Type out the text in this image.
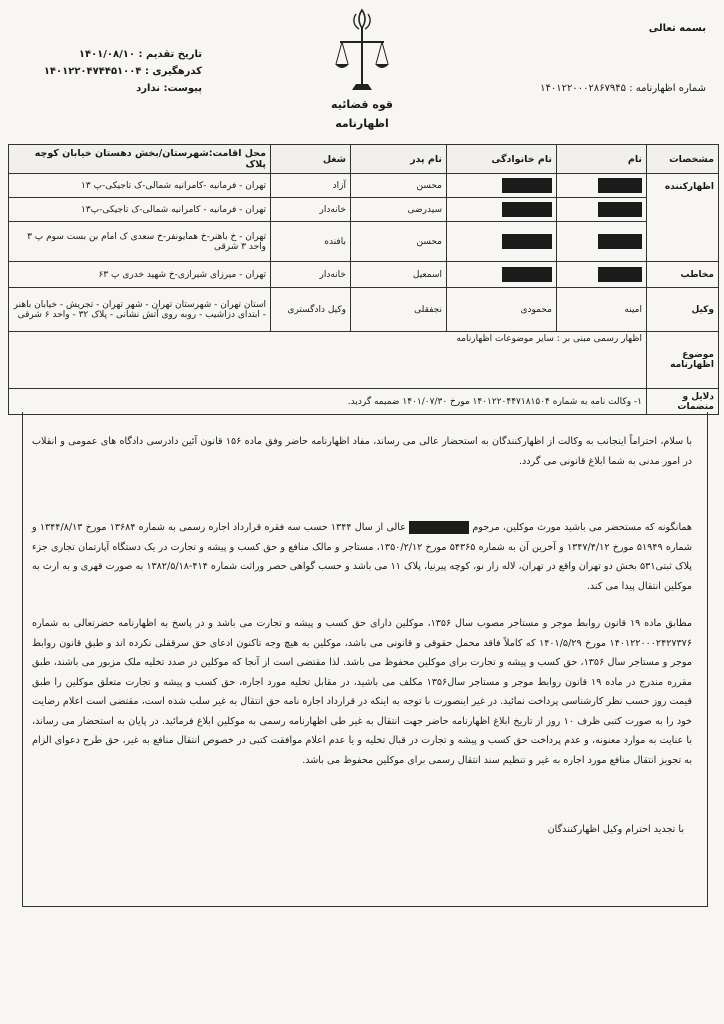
بسمه تعالی
شماره اظهارنامه : ۱۴۰۱۲۲۰۰۰۲۸۶۷۹۴۵
قوه قضائیه
اظهارنامه
تاریخ تقدیم : ۱۴۰۱/۰۸/۱۰
کدرهگیری : ۱۴۰۱۲۲۰۴۷۴۴۵۱۰۰۴
پیوست: ندارد
مشخصات	نام	نام خانوادگی	نام پدر	شغل	محل اقامت:شهرستان/بخش دهستان خیابان کوچه پلاک
اظهارکننده			محسن	آزاد	تهران - فرمانیه -کامرانیه شمالی-ک تاجیکی-پ ۱۳
			سیدرضی	خانه‌دار	تهران - فرمانیه - کامرانیه شمالی-ک تاجیکی-پ۱۳
			محسن	بافنده	تهران - خ باهنر-خ همایونفر-خ سعدی ک امام بن بست سوم پ ۳ واحد ۳ شرقی
مخاطب			اسمعیل	خانه‌دار	تهران - میرزای شیرازی-خ شهید خدری پ ۶۳
وکیل	امینه	محمودی	نجفقلی	وکیل دادگستری	استان تهران - شهرستان تهران - شهر تهران - تجریش - خیابان باهنر - ابتدای دزاشیب - روبه روی آتش نشانی - پلاک ۳۲ - واحد ۶ شرقی
موضوع اظهارنامه	اظهار رسمی مبنی بر : سایر موضوعات اظهارنامه				
دلایل و منضمات	۱- وکالت نامه به شماره ۱۴۰۱۲۲۰۴۴۷۱۸۱۵۰۴ مورخ ۱۴۰۱/۰۷/۳۰ ضمیمه گردید.				
با سلام، احتراماً اینجانب به وکالت از اظهارکنندگان به استحضار عالی می رساند، مفاد اظهارنامه حاضر وفق ماده ۱۵۶ قانون آئین دادرسی دادگاه های عمومی و انقلاب در امور مدنی به شما ابلاغ قانونی می گردد.
همانگونه که مستحضر می باشید مورث موکلین، مرحوم  عالی از سال ۱۳۴۴ حسب سه فقره قرارداد اجاره رسمی به شماره ۱۳۶۸۴ مورخ ۱۳۴۴/۸/۱۳ و شماره ۵۱۹۴۹ مورخ ۱۳۴۷/۴/۱۲ و آخرین آن به شماره ۵۴۳۶۵ مورخ ۱۳۵۰/۲/۱۲، مستاجر و مالک منافع و حق کسب و پیشه و تجارت در یک دستگاه آپارتمان تجاری جزء پلاک ثبتی۵۳۱ بخش دو تهران واقع در تهران، لاله زار نو، کوچه پیرنیا، پلاک ۱۱ می باشد و حسب گواهی حصر وراثت شماره ۴۱۴-۱۳۸۲/۵/۱۸ به صورت قهری و به ارث به موکلین انتقال پیدا می کند.
مطابق ماده ۱۹ قانون روابط موجر و مستاجر مصوب سال ۱۳۵۶، موکلین دارای حق کسب و پیشه و تجارت می باشد و در پاسخ به اظهارنامه حضرتعالی به شماره ۱۴۰۱۲۲۰۰۰۲۴۲۷۳۷۶ مورخ ۱۴۰۱/۵/۲۹ که کاملاً فاقد محمل حقوقی و قانونی می باشد، موکلین به هیچ وجه تاکنون ادعای حق سرقفلی نکرده اند و طبق قانون روابط موجر و مستاجر سال ۱۳۵۶، حق کسب و پیشه و تجارت برای موکلین محفوظ می باشد. لذا مقتضی است از آنجا که موکلین در صدد تخلیه ملک مزبور می باشند، طبق مقرره مندرج در ماده ۱۹ قانون روابط موجر و مستاجر سال۱۳۵۶ مکلف می باشید، در مقابل تخلیه مورد اجاره، حق کسب و پیشه و تجارت متعلق موکلین را طبق قیمت روز حسب نظر کارشناسی پرداخت نمائید. در غیر اینصورت با توجه به اینکه در قرارداد اجاره نامه حق انتقال به غیر سلب شده است، مقتضی است اعلام رضایت خود را به صورت کتبی ظرف ۱۰ روز از تاریخ ابلاغ اظهارنامه حاضر جهت انتقال به غیر طی اظهارنامه رسمی به موکلین ابلاغ فرمائید. در پایان به استحضار می رساند، با عنایت به موارد معنونه، و عدم پرداخت حق کسب و پیشه و تجارت در قبال تخلیه و یا عدم اعلام موافقت کتبی در خصوص انتقال منافع به غیر، حق طرح دعوای الزام به تجویز انتقال منافع مورد اجاره به غیر و تنظیم سند انتقال رسمی برای موکلین محفوظ می باشد.
با تجدید احترام وکیل اظهارکنندگان
